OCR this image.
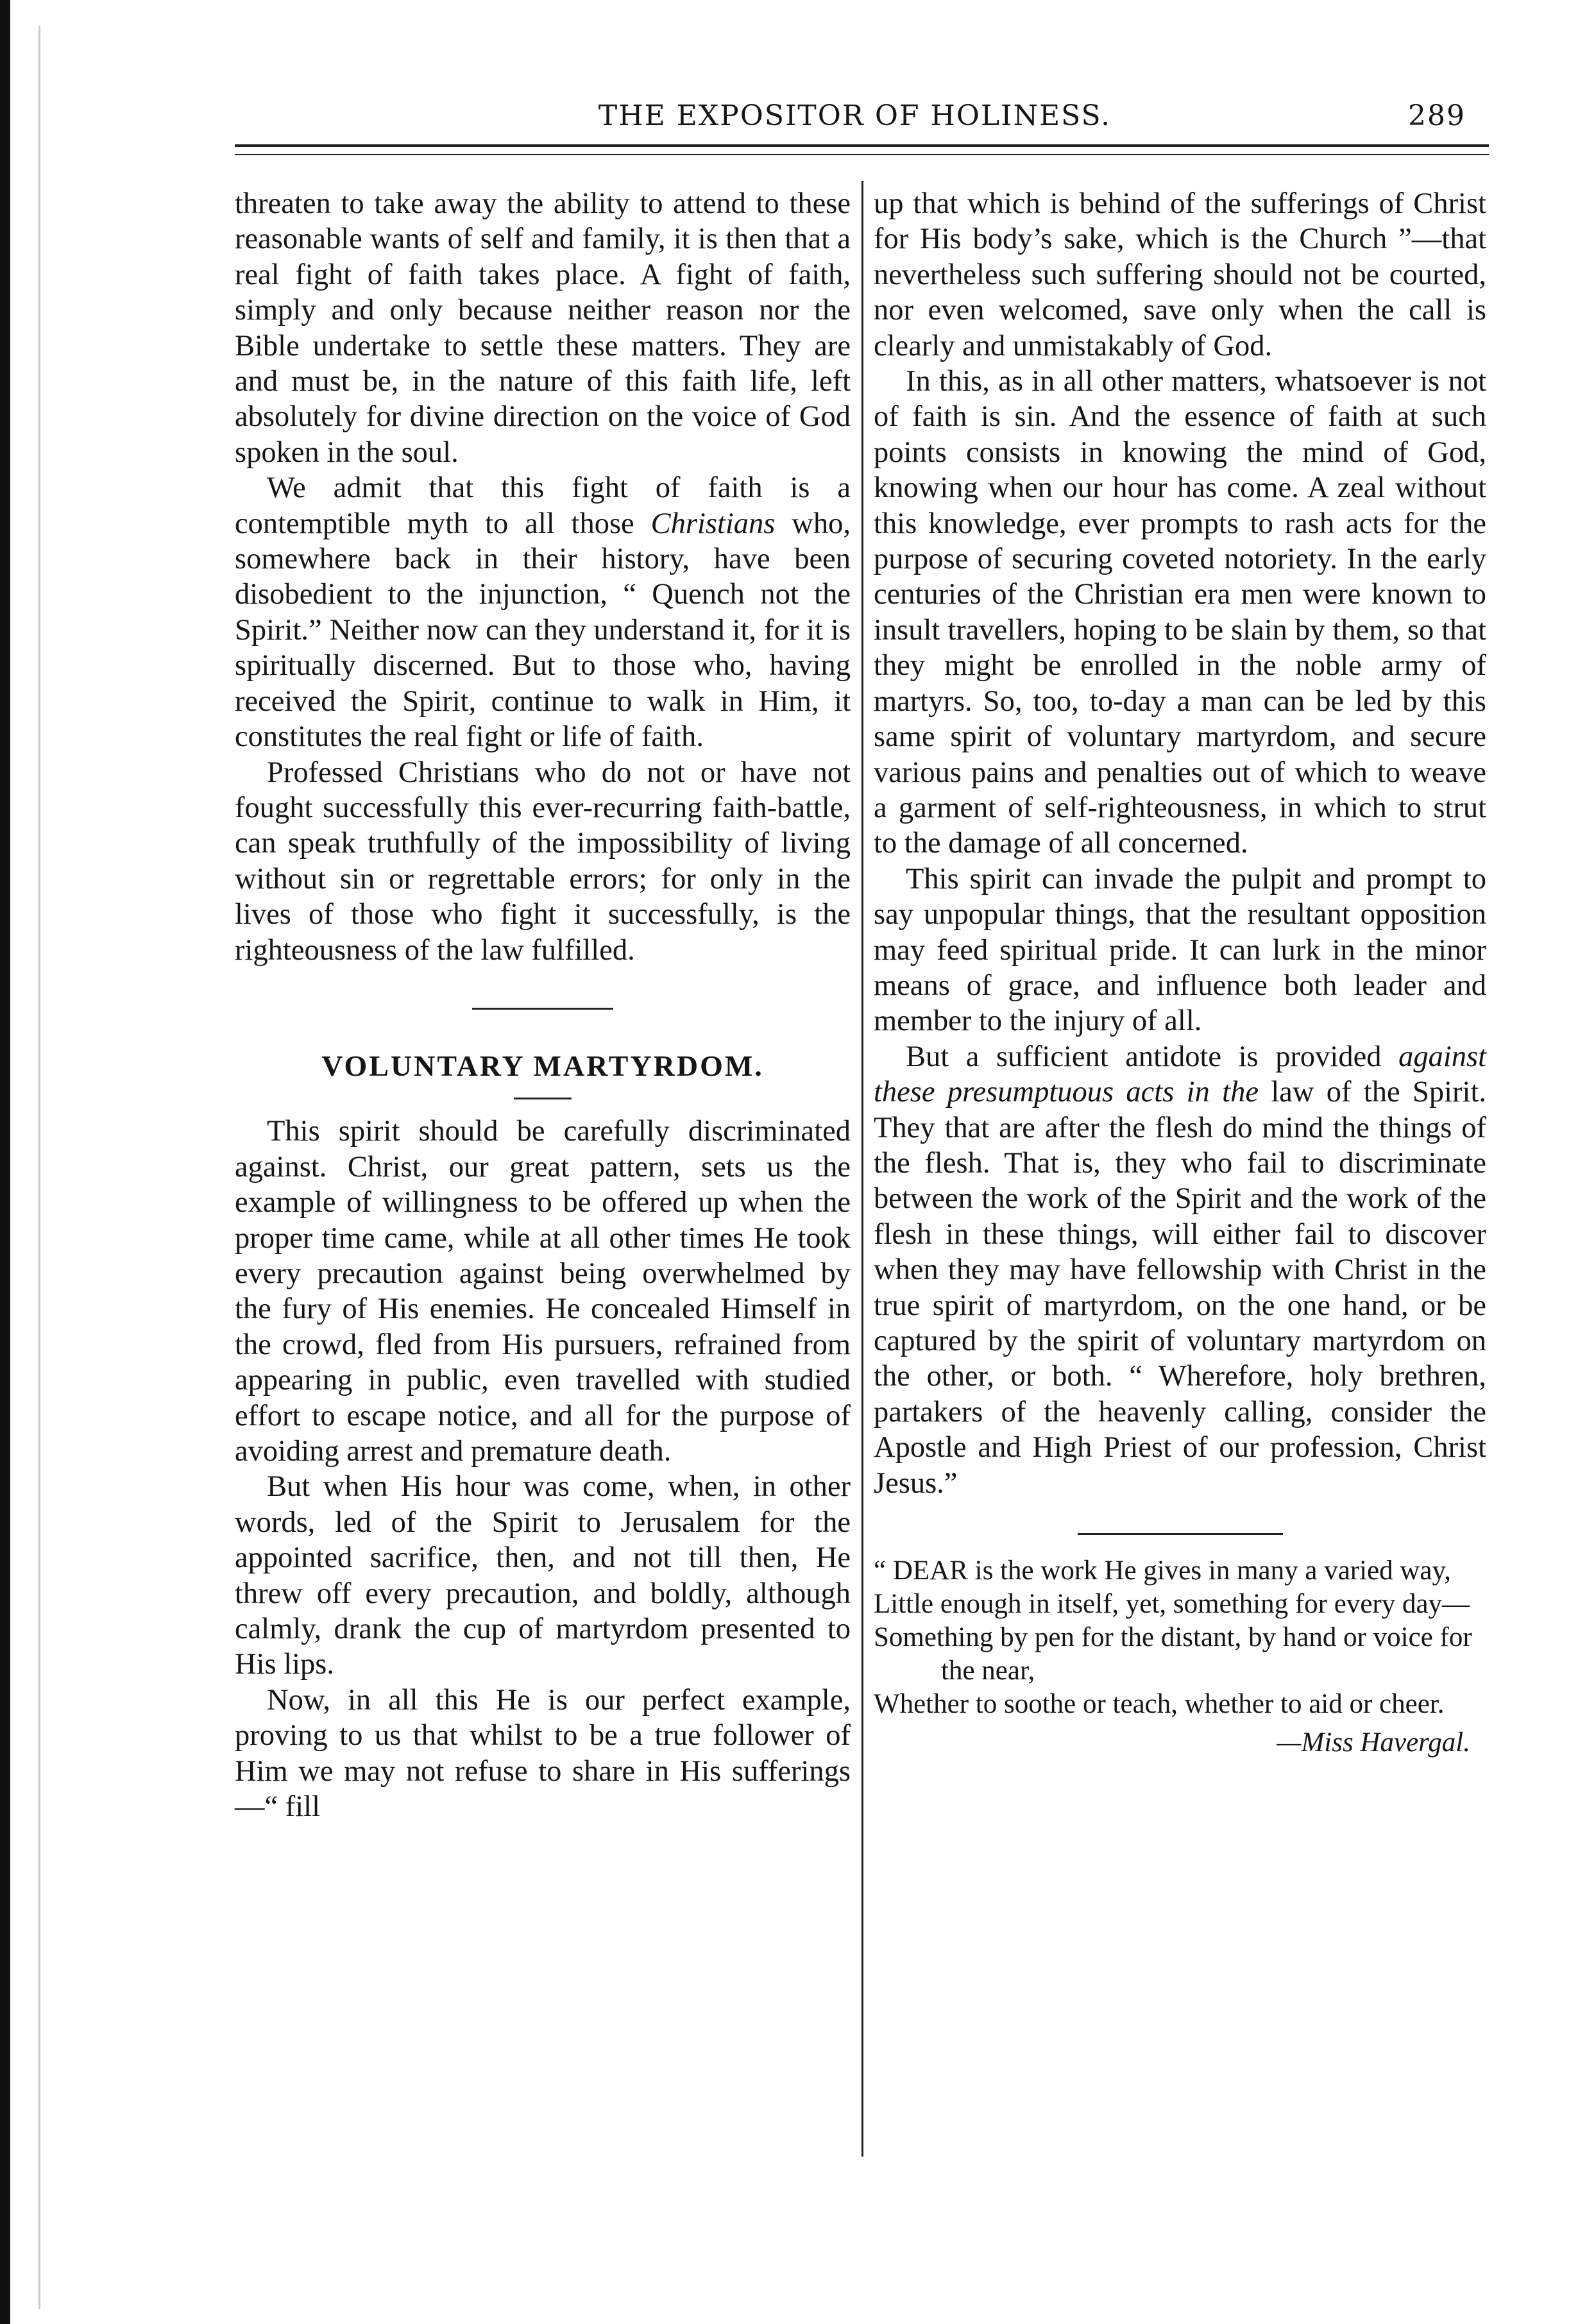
THE EXPOSITOR OF HOLINESS.	289

threaten to take away the ability to attend to these reasonable wants of self and family, it is then that a real fight of faith takes place. A fight of faith, simply and only because neither reason nor the Bible undertake to settle these matters. They are and must be, in the nature of this faith life, left absolutely for divine direction on the voice of God spoken in the soul.

We admit that this fight of faith is a contemptible myth to all those Christians who, somewhere back in their history, have been disobedient to the injunction, “ Quench not the Spirit.” Neither now can they understand it, for it is spiritually discerned. But to those who, having received the Spirit, continue to walk in Him, it constitutes the real fight or life of faith.

Professed Christians who do not or have not fought successfully this ever-recurring faith-battle, can speak truthfully of the impossibility of living without sin or regrettable errors; for only in the lives of those who fight it successfully, is the righteousness of the law fulfilled.

VOLUNTARY MARTYRDOM.

This spirit should be carefully discriminated against. Christ, our great pattern, sets us the example of willingness to be offered up when the proper time came, while at all other times He took every precaution against being overwhelmed by the fury of His enemies. He concealed Himself in the crowd, fled from His pursuers, refrained from appearing in public, even travelled with studied effort to escape notice, and all for the purpose of avoiding arrest and premature death.

But when His hour was come, when, in other words, led of the Spirit to Jerusalem for the appointed sacrifice, then, and not till then, He threw off every precaution, and boldly, although calmly, drank the cup of martyrdom presented to His lips.

Now, in all this He is our perfect example, proving to us that whilst to be a true follower of Him we may not refuse to share in His sufferings—“ fill

up that which is behind of the sufferings of Christ for His body’s sake, which is the Church ”—that nevertheless such suffering should not be courted, nor even welcomed, save only when the call is clearly and unmistakably of God.

In this, as in all other matters, whatsoever is not of faith is sin. And the essence of faith at such points consists in knowing the mind of God, knowing when our hour has come. A zeal without this knowledge, ever prompts to rash acts for the purpose of securing coveted notoriety. In the early centuries of the Christian era men were known to insult travellers, hoping to be slain by them, so that they might be enrolled in the noble army of martyrs. So, too, to-day a man can be led by this same spirit of voluntary martyrdom, and secure various pains and penalties out of which to weave a garment of self-righteousness, in which to strut to the damage of all concerned.

This spirit can invade the pulpit and prompt to say unpopular things, that the resultant opposition may feed spiritual pride. It can lurk in the minor means of grace, and influence both leader and member to the injury of all.

But a sufficient antidote is provided against these presumptuous acts in the law of the Spirit. They that are after the flesh do mind the things of the flesh. That is, they who fail to discriminate between the work of the Spirit and the work of the flesh in these things, will either fail to discover when they may have fellowship with Christ in the true spirit of martyrdom, on the one hand, or be captured by the spirit of voluntary martyrdom on the other, or both. “ Wherefore, holy brethren, partakers of the heavenly calling, consider the Apostle and High Priest of our profession, Christ Jesus.”

“ DEAR is the work He gives in many a varied way,
Little enough in itself, yet, something for every day—
Something by pen for the distant, by hand or voice for the near,
Whether to soothe or teach, whether to aid or cheer.
—Miss Havergal.
